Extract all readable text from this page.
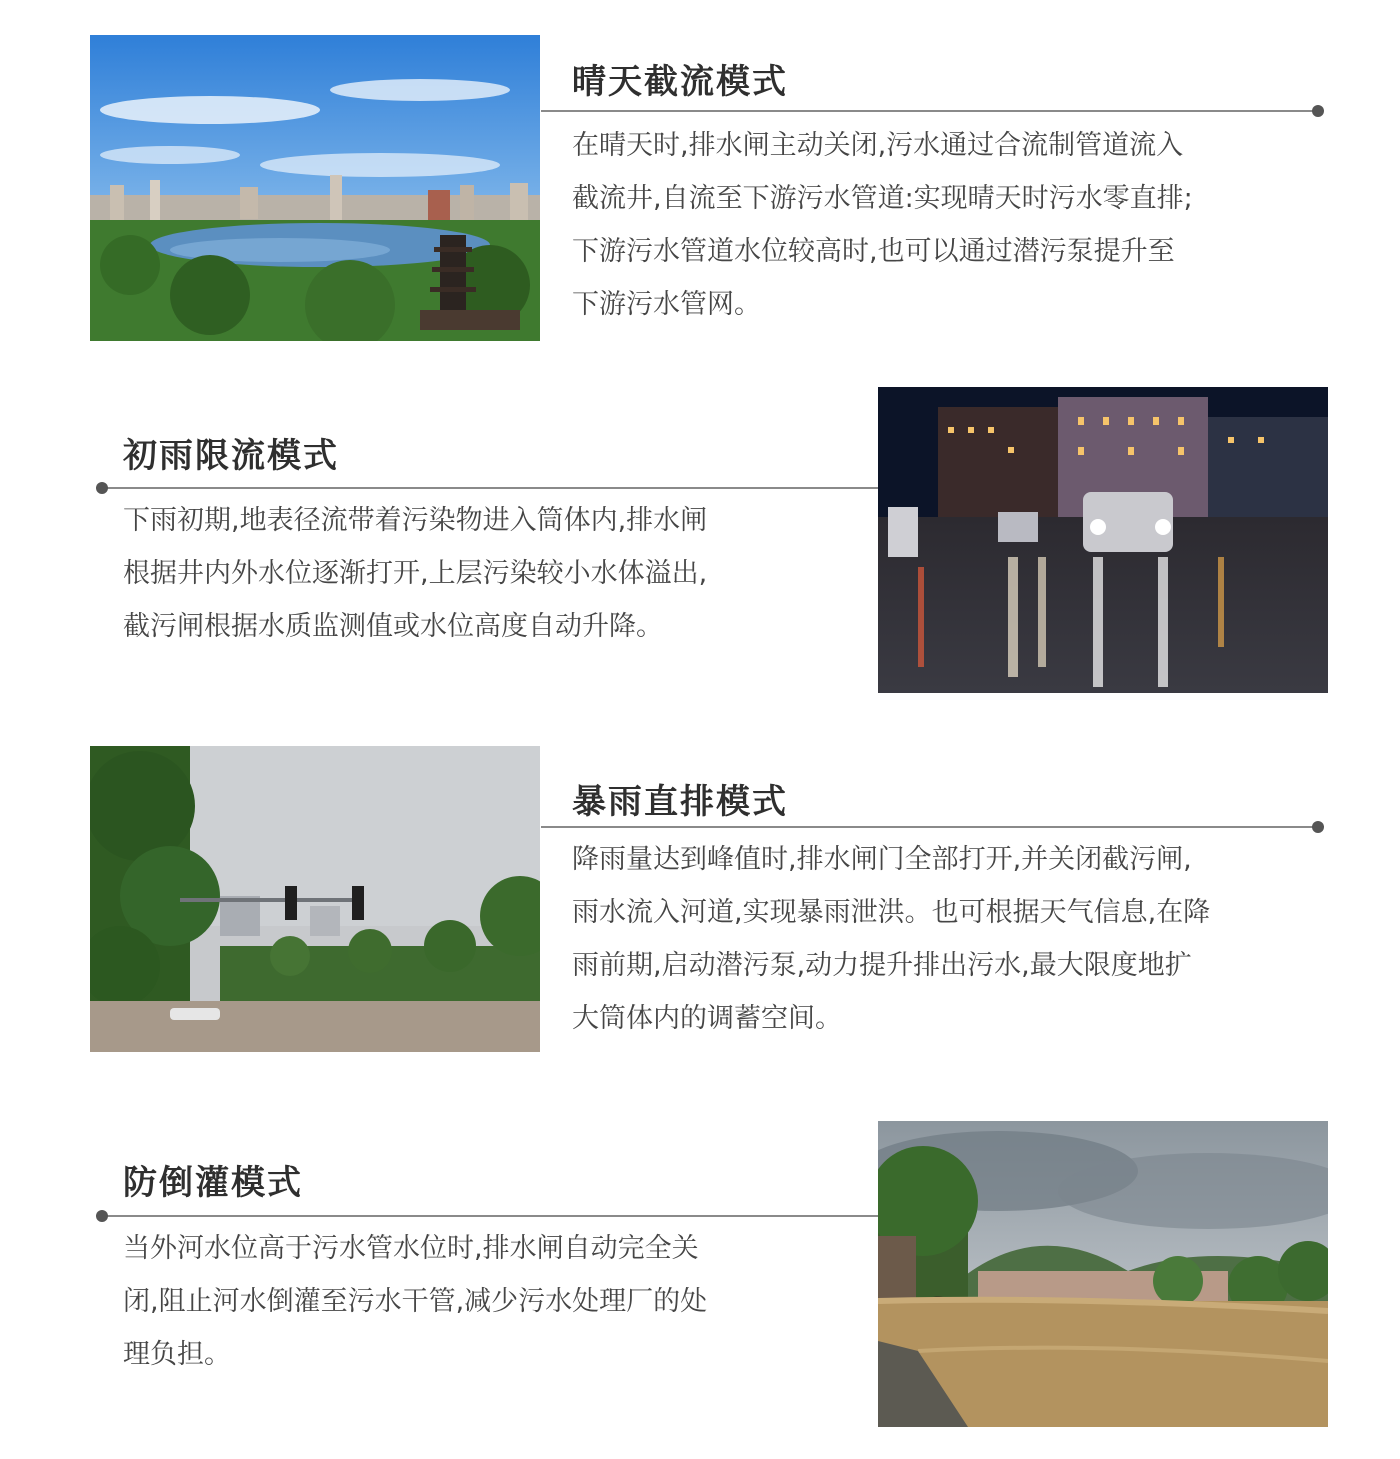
晴天截流模式

在晴天时,排水闸主动关闭,污水通过合流制管道流入
截流井,自流至下游污水管道:实现晴天时污水零直排;
下游污水管道水位较高时,也可以通过潜污泵提升至
下游污水管网。

初雨限流模式

下雨初期,地表径流带着污染物进入筒体内,排水闸
根据井内外水位逐渐打开,上层污染较小水体溢出,
截污闸根据水质监测值或水位高度自动升降。

暴雨直排模式

降雨量达到峰值时,排水闸门全部打开,并关闭截污闸,
雨水流入河道,实现暴雨泄洪。也可根据天气信息,在降
雨前期,启动潜污泵,动力提升排出污水,最大限度地扩
大筒体内的调蓄空间。

防倒灌模式

当外河水位高于污水管水位时,排水闸自动完全关
闭,阻止河水倒灌至污水干管,减少污水处理厂的处
理负担。
